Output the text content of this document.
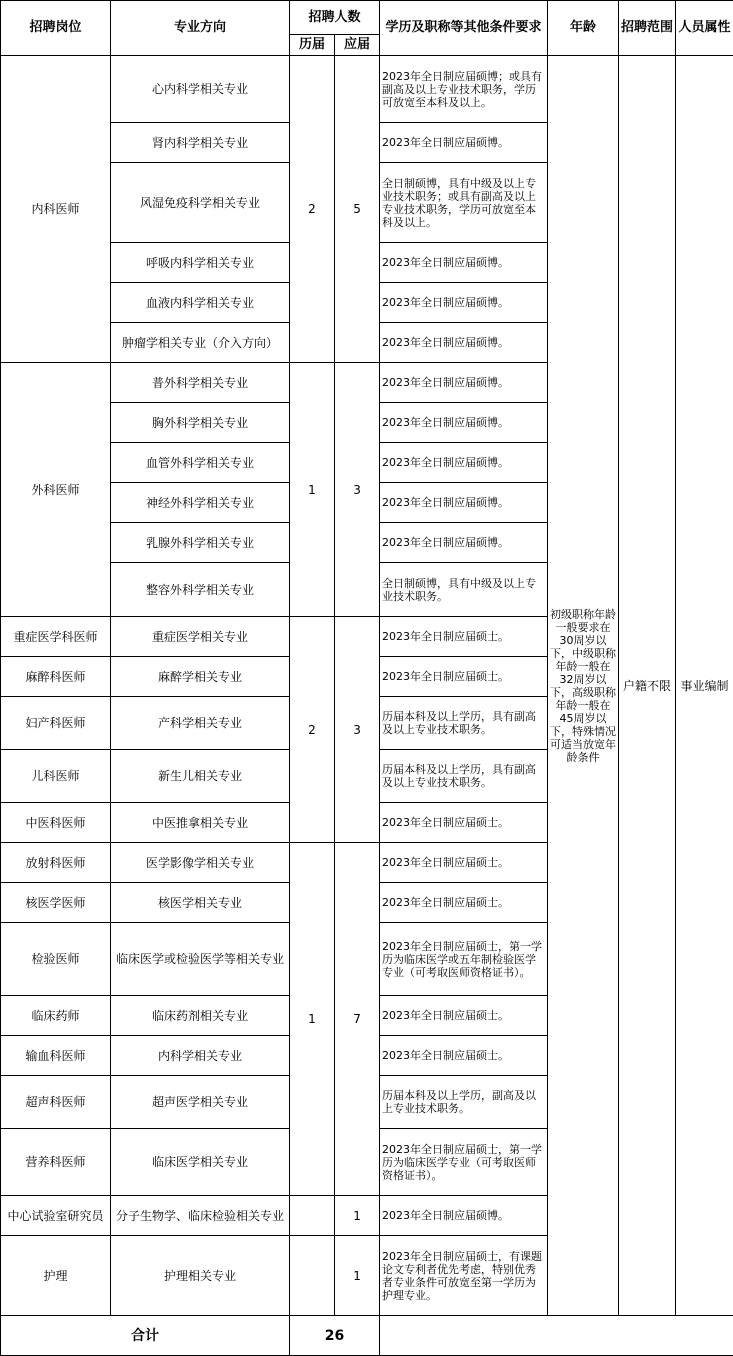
招聘岗位	专业方向	招聘人数		学历及职称等其他条件要求	年龄	招聘范围	人员属性
		历届	应届				
内科医师	心内科学相关专业	2	5	2023年全日制应届硕博；或具有副高及以上专业技术职务，学历可放宽至本科及以上。	初级职称年龄一般要求在30周岁以下，中级职称年龄一般在32周岁以下，高级职称年龄一般在45周岁以下，特殊情况可适当放宽年龄条件	户籍不限	事业编制
	肾内科学相关专业			2023年全日制应届硕博。			
	风湿免疫科学相关专业			全日制硕博，具有中级及以上专业技术职务；或具有副高及以上专业技术职务，学历可放宽至本科及以上。			
	呼吸内科学相关专业			2023年全日制应届硕博。			
	血液内科学相关专业			2023年全日制应届硕博。			
	肿瘤学相关专业（介入方向）			2023年全日制应届硕博。			
外科医师	普外科学相关专业	1	3	2023年全日制应届硕博。			
	胸外科学相关专业			2023年全日制应届硕博。			
	血管外科学相关专业			2023年全日制应届硕博。			
	神经外科学相关专业			2023年全日制应届硕博。			
	乳腺外科学相关专业			2023年全日制应届硕博。			
	整容外科学相关专业			全日制硕博，具有中级及以上专业技术职务。			
重症医学科医师	重症医学相关专业	2	3	2023年全日制应届硕士。			
麻醉科医师	麻醉学相关专业			2023年全日制应届硕士。			
妇产科医师	产科学相关专业			历届本科及以上学历，具有副高及以上专业技术职务。			
儿科医师	新生儿相关专业			历届本科及以上学历，具有副高及以上专业技术职务。			
中医科医师	中医推拿相关专业			2023年全日制应届硕士。			
放射科医师	医学影像学相关专业	1	7	2023年全日制应届硕士。			
核医学医师	核医学相关专业			2023年全日制应届硕士。			
检验医师	临床医学或检验医学等相关专业			2023年全日制应届硕士，第一学历为临床医学或五年制检验医学专业（可考取医师资格证书）。			
临床药师	临床药剂相关专业			2023年全日制应届硕士。			
输血科医师	内科学相关专业			2023年全日制应届硕士。			
超声科医师	超声医学相关专业			历届本科及以上学历，副高及以上专业技术职务。			
营养科医师	临床医学相关专业			2023年全日制应届硕士，第一学历为临床医学专业（可考取医师资格证书）。			
中心试验室研究员	分子生物学、临床检验相关专业		1	2023年全日制应届硕博。			
护理	护理相关专业		1	2023年全日制应届硕士，有课题论文专利者优先考虑，特别优秀者专业条件可放宽至第一学历为护理专业。			
合计		26					
